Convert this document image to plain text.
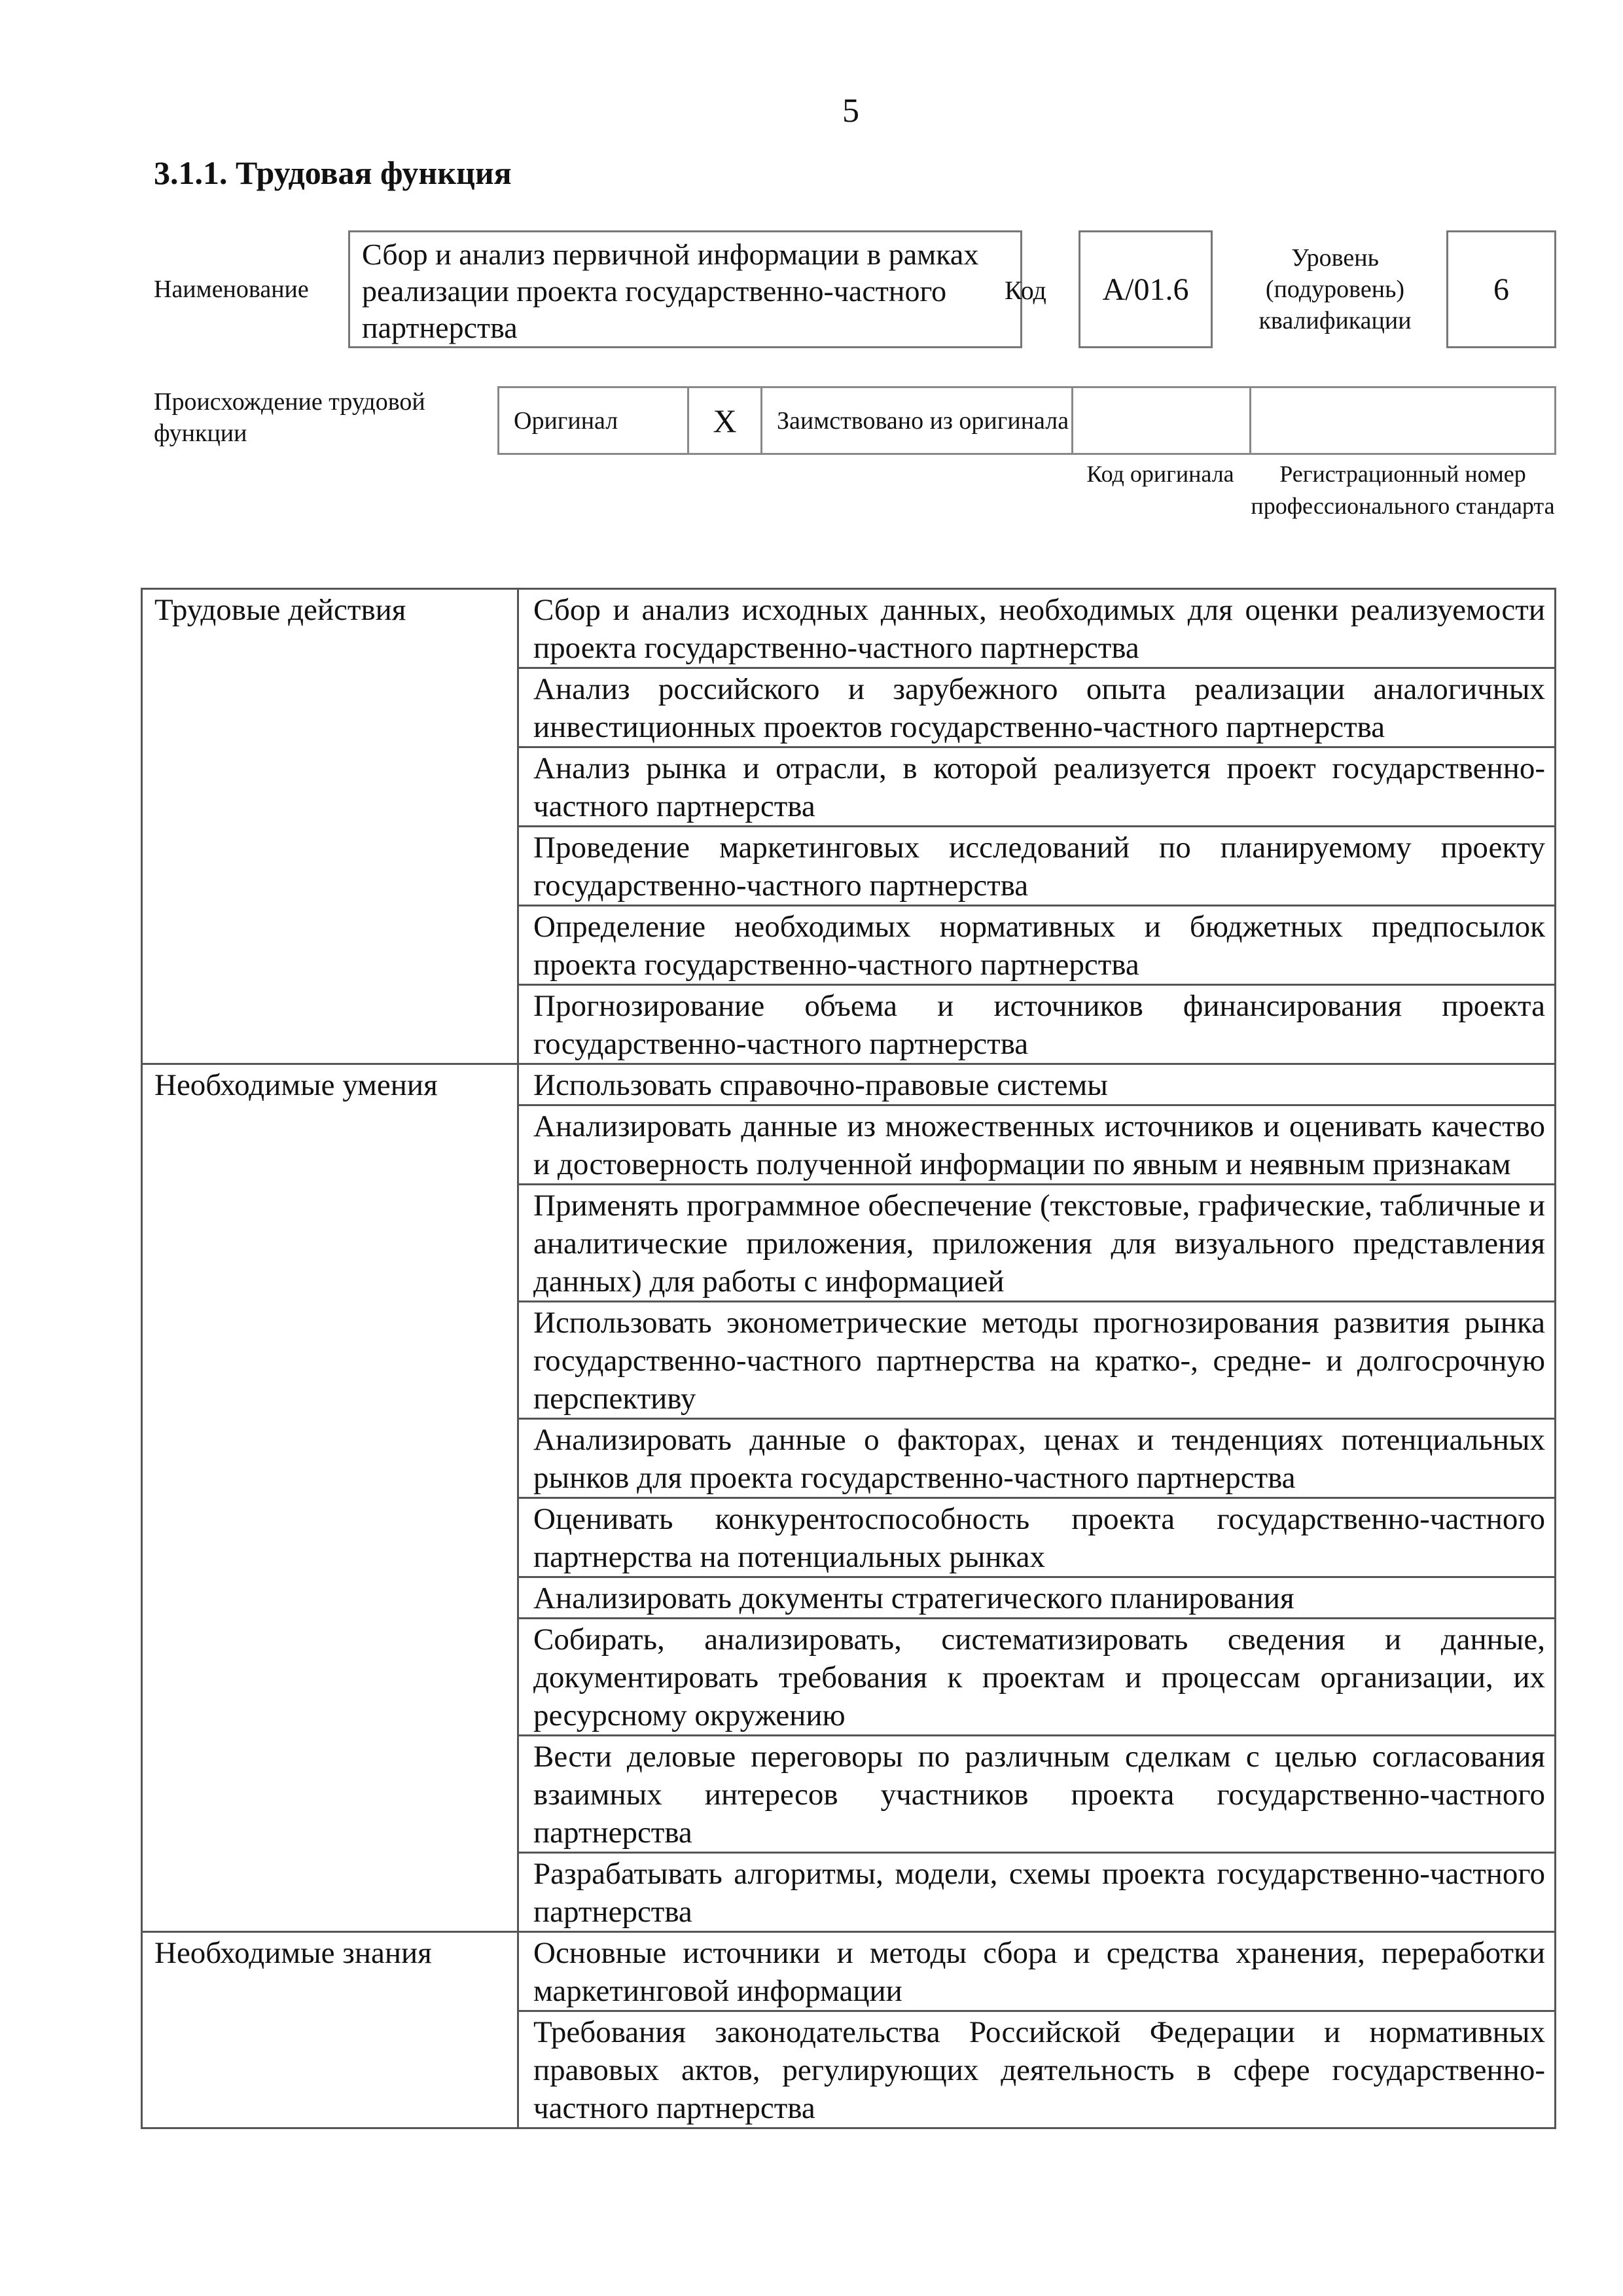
5
3.1.1. Трудовая функция
Наименование
Сбор и анализ первичной информации в рамках реализации проекта государственно-частного партнерства
Код	А/01.6
Уровень (подуровень) квалификации
6
Происхождение трудовой функции	Оригинал	X	Заимствовано из оригинала
Код оригинала	Регистрационный номер профессионального стандарта
Трудовые действия	Сбор и анализ исходных данных, необходимых для оценки реализуемости проекта государственно-частного партнерства
	Анализ российского и зарубежного опыта реализации аналогичных инвестиционных проектов государственно-частного партнерства
	Анализ рынка и отрасли, в которой реализуется проект государственно-частного партнерства
	Проведение маркетинговых исследований по планируемому проекту государственно-частного партнерства
	Определение необходимых нормативных и бюджетных предпосылок проекта государственно-частного партнерства
	Прогнозирование объема и источников финансирования проекта государственно-частного партнерства
Необходимые умения	Использовать справочно-правовые системы
	Анализировать данные из множественных источников и оценивать качество и достоверность полученной информации по явным и неявным признакам
	Применять программное обеспечение (текстовые, графические, табличные и аналитические приложения, приложения для визуального представления данных) для работы с информацией
	Использовать эконометрические методы прогнозирования развития рынка государственно-частного партнерства на кратко-, средне- и долгосрочную перспективу
	Анализировать данные о факторах, ценах и тенденциях потенциальных рынков для проекта государственно-частного партнерства
	Оценивать конкурентоспособность проекта государственно-частного партнерства на потенциальных рынках
	Анализировать документы стратегического планирования
	Собирать, анализировать, систематизировать сведения и данные, документировать требования к проектам и процессам организации, их ресурсному окружению
	Вести деловые переговоры по различным сделкам с целью согласования взаимных интересов участников проекта государственно-частного партнерства
	Разрабатывать алгоритмы, модели, схемы проекта государственно-частного партнерства
Необходимые знания	Основные источники и методы сбора и средства хранения, переработки маркетинговой информации
	Требования законодательства Российской Федерации и нормативных правовых актов, регулирующих деятельность в сфере государственно-частного партнерства
